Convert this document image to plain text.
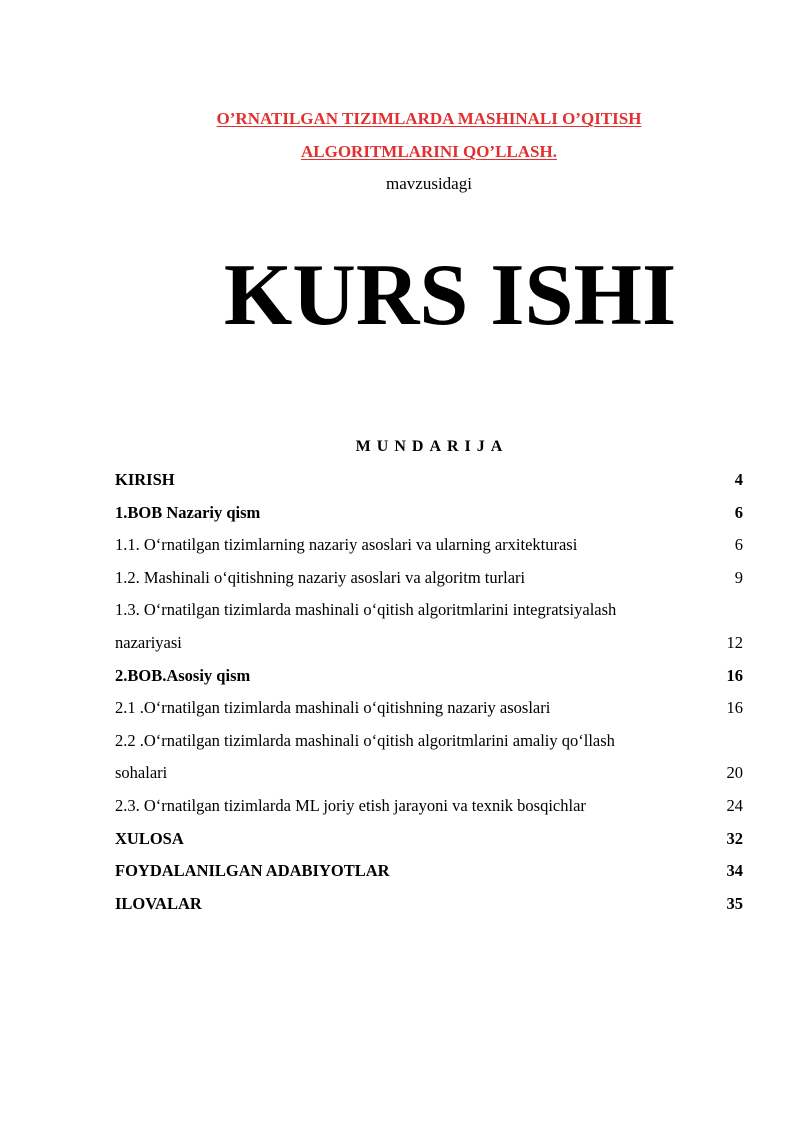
O’RNATILGAN TIZIMLARDA MASHINALI O’QITISH
ALGORITMLARINI QO’LLASH.
mavzusidagi
KURS ISHI
MUNDARIJA
KIRISH	4
1.BOB Nazariy qism	6
1.1. O‘rnatilgan tizimlarning nazariy asoslari va ularning arxitekturasi	6
1.2. Mashinali o‘qitishning nazariy asoslari va algoritm turlari	9
1.3. O‘rnatilgan tizimlarda mashinali o‘qitish algoritmlarini integratsiyalash
nazariyasi	12
2.BOB.Asosiy qism	16
2.1 .O‘rnatilgan tizimlarda mashinali o‘qitishning nazariy asoslari	16
2.2 .O‘rnatilgan tizimlarda mashinali o‘qitish algoritmlarini amaliy qo‘llash
sohalari	20
2.3. O‘rnatilgan tizimlarda ML joriy etish jarayoni va texnik bosqichlar	24
XULOSA	32
FOYDALANILGAN ADABIYOTLAR	34
ILOVALAR	35
